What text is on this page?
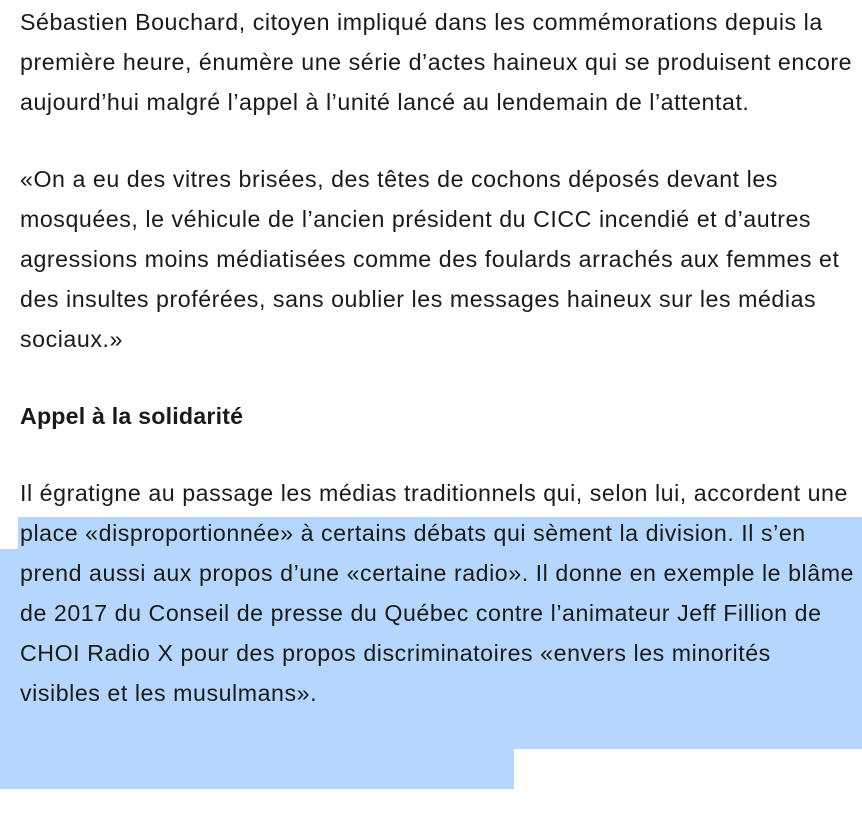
Sébastien Bouchard, citoyen impliqué dans les commémorations depuis la première heure, énumère une série d’actes haineux qui se produisent encore aujourd’hui malgré l’appel à l’unité lancé au lendemain de l’attentat.

«On a eu des vitres brisées, des têtes de cochons déposés devant les mosquées, le véhicule de l’ancien président du CICC incendié et d’autres agressions moins médiatisées comme des foulards arrachés aux femmes et des insultes proférées, sans oublier les messages haineux sur les médias sociaux.»

Appel à la solidarité

Il égratigne au passage les médias traditionnels qui, selon lui, accordent une place «disproportionnée» à certains débats qui sèment la division. Il s’en prend aussi aux propos d’une «certaine radio». Il donne en exemple le blâme de 2017 du Conseil de presse du Québec contre l’animateur Jeff Fillion de CHOI Radio X pour des propos discriminatoires «envers les minorités visibles et les musulmans».
